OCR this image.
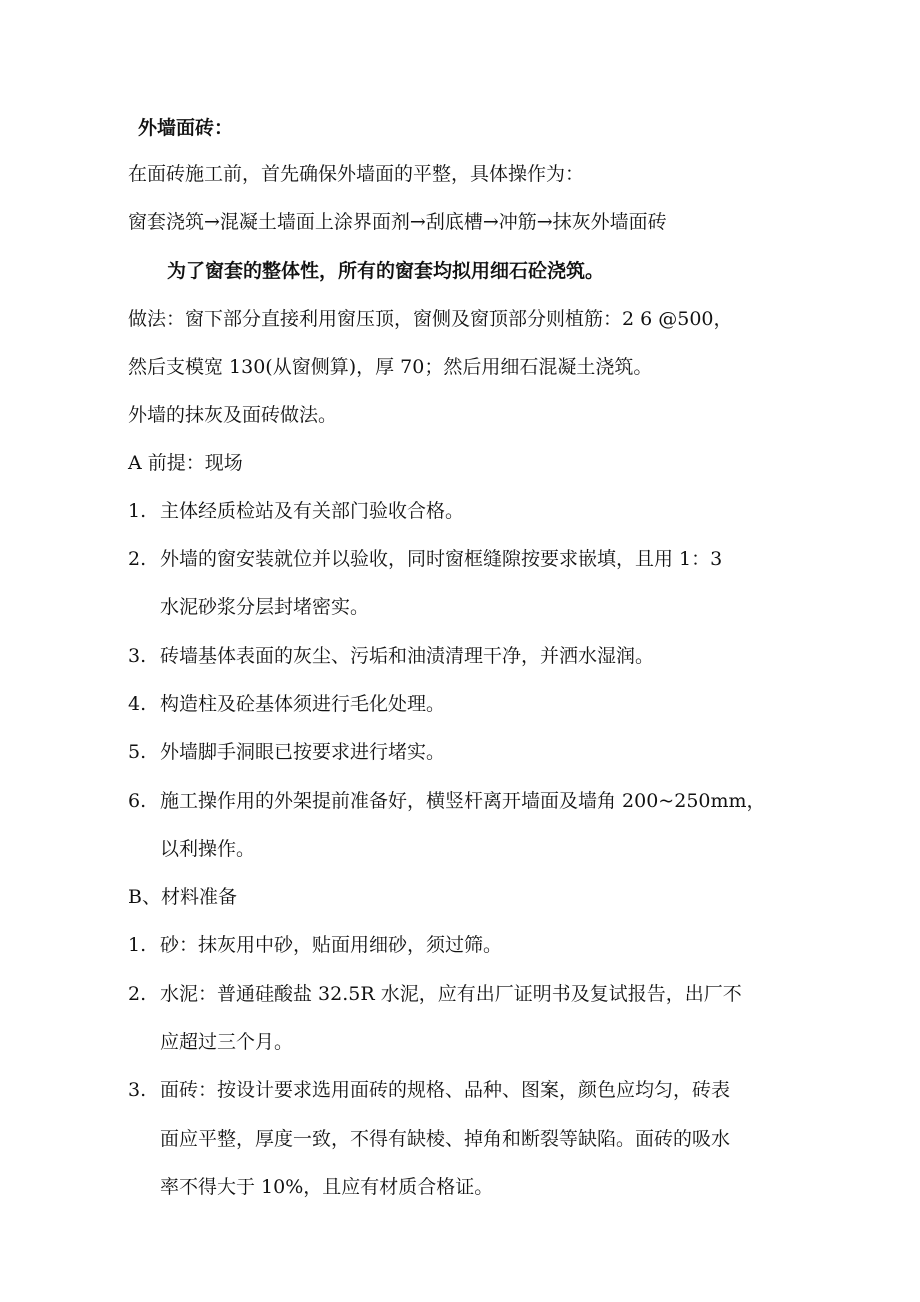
外墙面砖：
在面砖施工前，首先确保外墙面的平整，具体操作为：
窗套浇筑→混凝土墙面上涂界面剂→刮底槽→冲筋→抹灰外墙面砖
为了窗套的整体性，所有的窗套均拟用细石砼浇筑。
做法：窗下部分直接利用窗压顶，窗侧及窗顶部分则植筋：2 6 @500，
然后支模宽 130(从窗侧算)，厚 70；然后用细石混凝土浇筑。
外墙的抹灰及面砖做法。
A 前提：现场
1. 主体经质检站及有关部门验收合格。
2. 外墙的窗安装就位并以验收，同时窗框缝隙按要求嵌填，且用 1：3
水泥砂浆分层封堵密实。
3. 砖墙基体表面的灰尘、污垢和油渍清理干净，并洒水湿润。
4. 构造柱及砼基体须进行毛化处理。
5. 外墙脚手洞眼已按要求进行堵实。
6. 施工操作用的外架提前准备好，横竖杆离开墙面及墙角 200~250mm，
以利操作。
B、材料准备
1. 砂：抹灰用中砂，贴面用细砂，须过筛。
2. 水泥：普通硅酸盐 32.5R 水泥，应有出厂证明书及复试报告，出厂不
应超过三个月。
3. 面砖：按设计要求选用面砖的规格、品种、图案，颜色应均匀，砖表
面应平整，厚度一致，不得有缺棱、掉角和断裂等缺陷。面砖的吸水
率不得大于 10%，且应有材质合格证。
